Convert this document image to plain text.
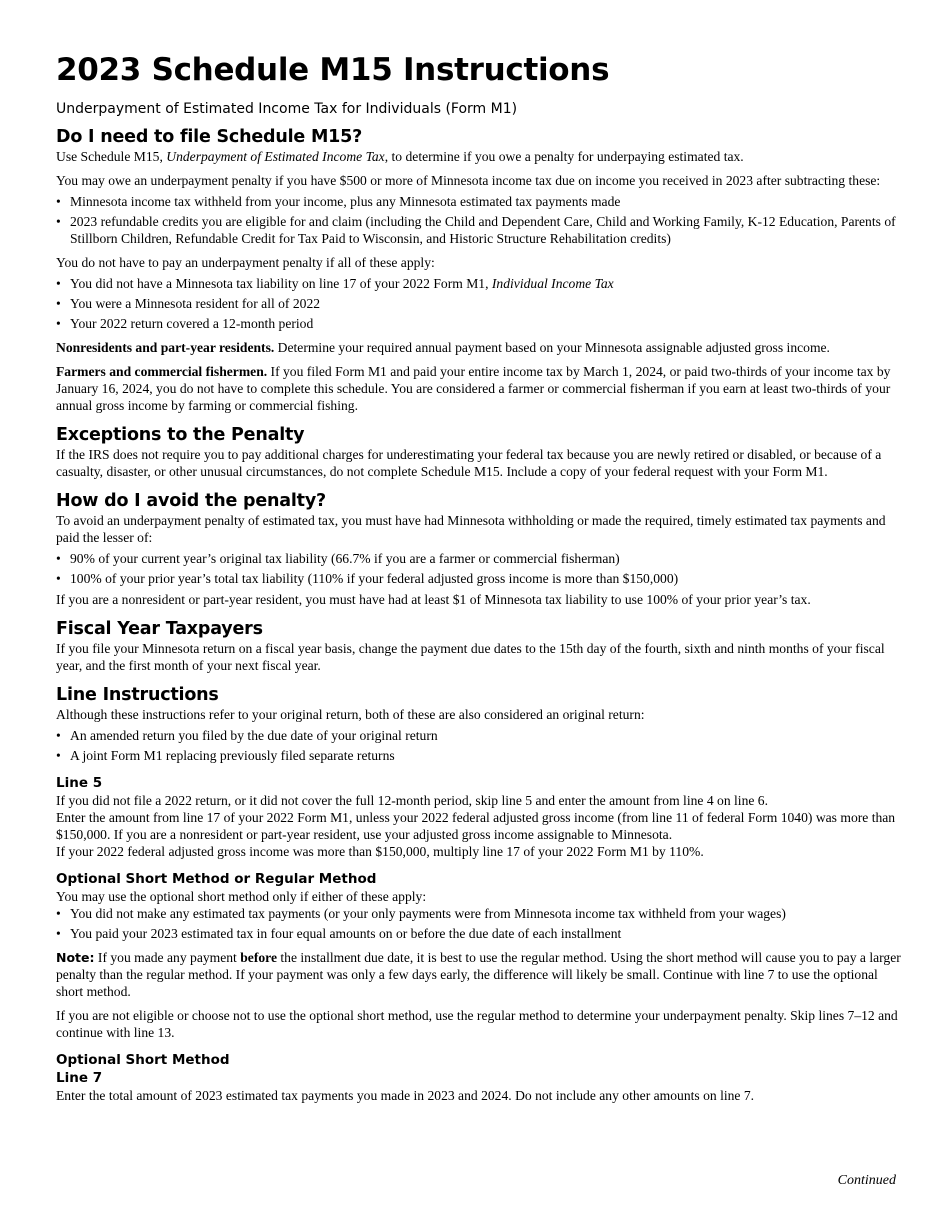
2023 Schedule M15 Instructions
Underpayment of Estimated Income Tax for Individuals (Form M1)
Do I need to file Schedule M15?

Use Schedule M15, Underpayment of Estimated Income Tax, to determine if you owe a penalty for underpaying estimated tax.

You may owe an underpayment penalty if you have $500 or more of Minnesota income tax due on income you received in 2023 after subtracting these:

• Minnesota income tax withheld from your income, plus any Minnesota estimated tax payments made
• 2023 refundable credits you are eligible for and claim (including the Child and Dependent Care, Child and Working Family, K-12 Education, Parents of Stillborn Children, Refundable Credit for Tax Paid to Wisconsin, and Historic Structure Rehabilitation credits)

You do not have to pay an underpayment penalty if all of these apply:

• You did not have a Minnesota tax liability on line 17 of your 2022 Form M1, Individual Income Tax
• You were a Minnesota resident for all of 2022
• Your 2022 return covered a 12-month period

Nonresidents and part-year residents. Determine your required annual payment based on your Minnesota assignable adjusted gross income.

Farmers and commercial fishermen. If you filed Form M1 and paid your entire income tax by March 1, 2024, or paid two-thirds of your income tax by January 16, 2024, you do not have to complete this schedule. You are considered a farmer or commercial fisherman if you earn at least two-thirds of your annual gross income by farming or commercial fishing.

Exceptions to the Penalty

If the IRS does not require you to pay additional charges for underestimating your federal tax because you are newly retired or disabled, or because of a casualty, disaster, or other unusual circumstances, do not complete Schedule M15. Include a copy of your federal request with your Form M1.

How do I avoid the penalty?

To avoid an underpayment penalty of estimated tax, you must have had Minnesota withholding or made the required, timely estimated tax payments and paid the lesser of:

• 90% of your current year’s original tax liability (66.7% if you are a farmer or commercial fisherman)
• 100% of your prior year’s total tax liability (110% if your federal adjusted gross income is more than $150,000)

If you are a nonresident or part-year resident, you must have had at least $1 of Minnesota tax liability to use 100% of your prior year’s tax.

Fiscal Year Taxpayers

If you file your Minnesota return on a fiscal year basis, change the payment due dates to the 15th day of the fourth, sixth and ninth months of your fiscal year, and the first month of your next fiscal year.

Line Instructions

Although these instructions refer to your original return, both of these are also considered an original return:

• An amended return you filed by the due date of your original return
• A joint Form M1 replacing previously filed separate returns
Line 5

If you did not file a 2022 return, or it did not cover the full 12-month period, skip line 5 and enter the amount from line 4 on line 6.

Enter the amount from line 17 of your 2022 Form M1, unless your 2022 federal adjusted gross income (from line 11 of federal Form 1040) was more than $150,000. If you are a nonresident or part-year resident, use your adjusted gross income assignable to Minnesota.

If your 2022 federal adjusted gross income was more than $150,000, multiply line 17 of your 2022 Form M1 by 110%.

Optional Short Method or Regular Method

You may use the optional short method only if either of these apply:

• You did not make any estimated tax payments (or your only payments were from Minnesota income tax withheld from your wages)
• You paid your 2023 estimated tax in four equal amounts on or before the due date of each installment

Note: If you made any payment before the installment due date, it is best to use the regular method. Using the short method will cause you to pay a larger penalty than the regular method. If your payment was only a few days early, the difference will likely be small. Continue with line 7 to use the optional short method.

If you are not eligible or choose not to use the optional short method, use the regular method to determine your underpayment penalty. Skip lines 7–12 and continue with line 13.

Optional Short Method
Line 7

Enter the total amount of 2023 estimated tax payments you made in 2023 and 2024. Do not include any other amounts on line 7.

Continued
